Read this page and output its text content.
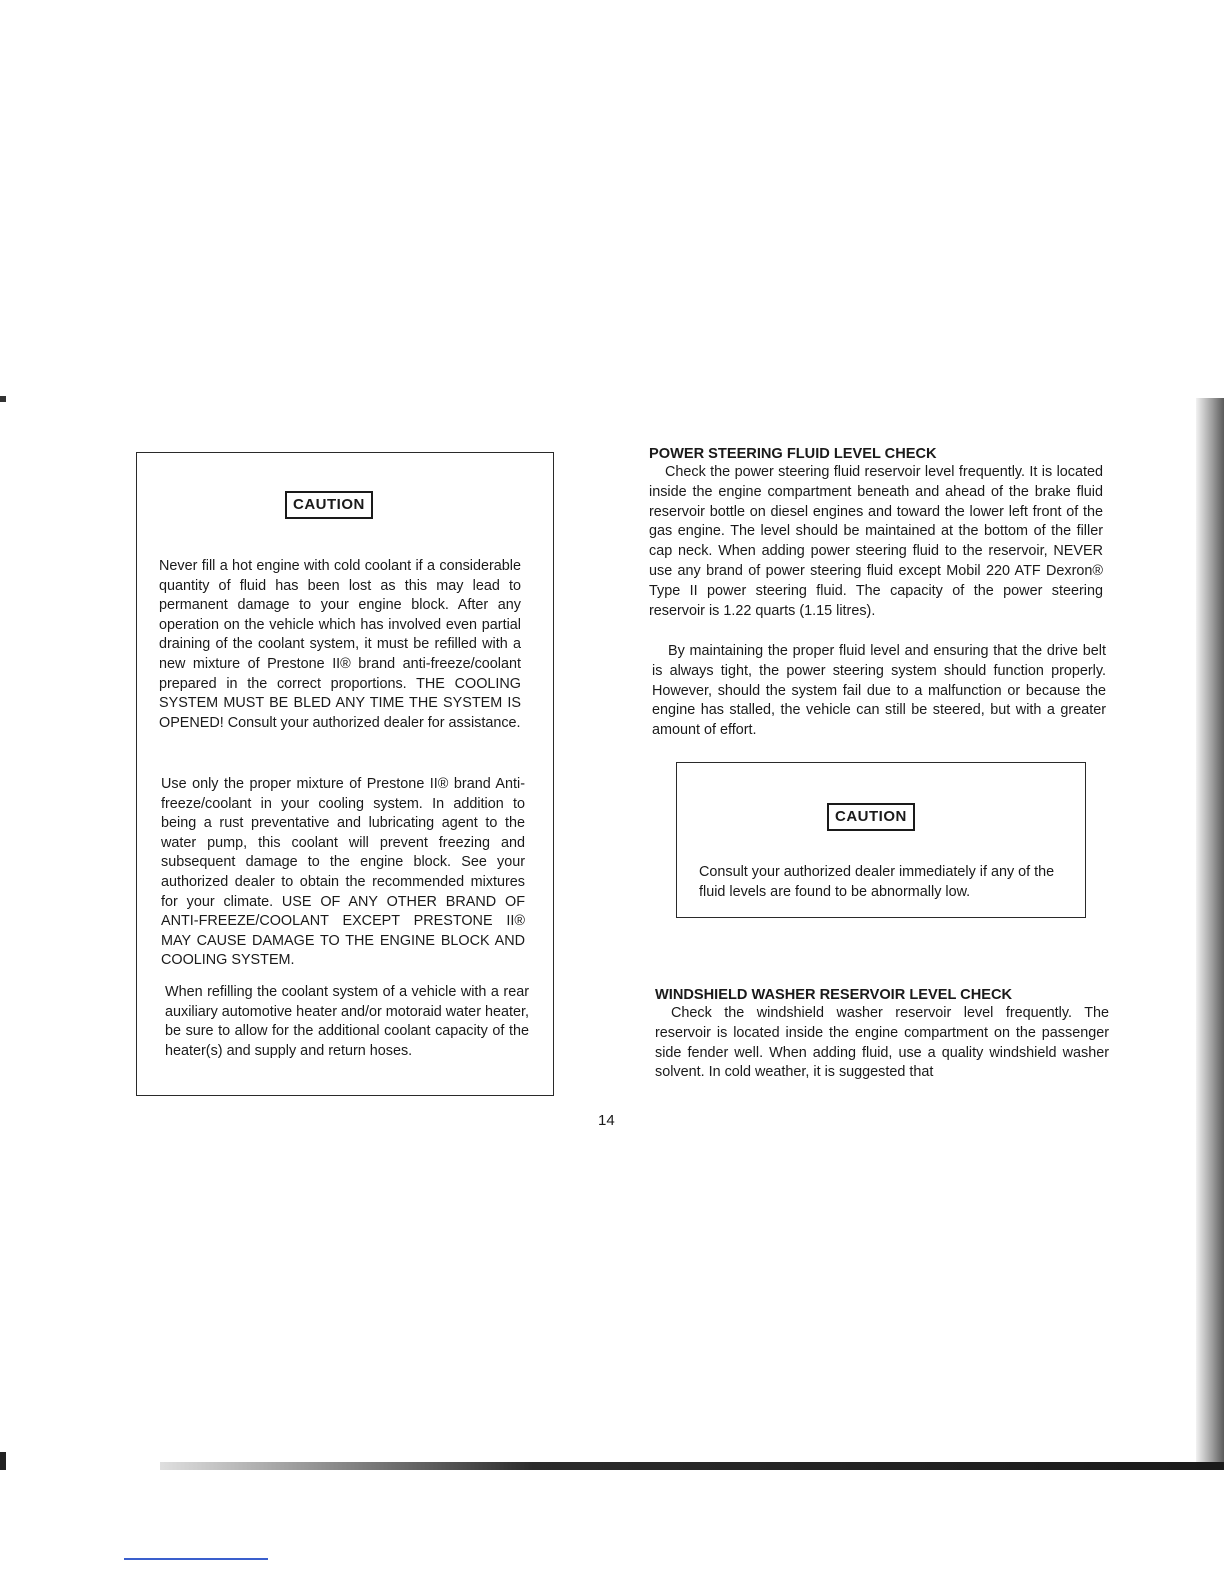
CAUTION

Never fill a hot engine with cold coolant if a considerable quantity of fluid has been lost as this may lead to permanent damage to your engine block. After any operation on the vehicle which has involved even partial draining of the coolant system, it must be refilled with a new mixture of Prestone II® brand anti-freeze/coolant prepared in the correct proportions. THE COOLING SYSTEM MUST BE BLED ANY TIME THE SYSTEM IS OPENED! Consult your authorized dealer for assistance.

Use only the proper mixture of Prestone II® brand Anti-freeze/coolant in your cooling system. In addition to being a rust preventative and lubricating agent to the water pump, this coolant will prevent freezing and subsequent damage to the engine block. See your authorized dealer to obtain the recommended mixtures for your climate. USE OF ANY OTHER BRAND OF ANTI-FREEZE/COOLANT EXCEPT PRESTONE II® MAY CAUSE DAMAGE TO THE ENGINE BLOCK AND COOLING SYSTEM.

When refilling the coolant system of a vehicle with a rear auxiliary automotive heater and/or motoraid water heater, be sure to allow for the additional coolant capacity of the heater(s) and supply and return hoses.

POWER STEERING FLUID LEVEL CHECK

Check the power steering fluid reservoir level frequently. It is located inside the engine compartment beneath and ahead of the brake fluid reservoir bottle on diesel engines and toward the lower left front of the gas engine. The level should be maintained at the bottom of the filler cap neck. When adding power steering fluid to the reservoir, NEVER use any brand of power steering fluid except Mobil 220 ATF Dexron® Type II power steering fluid. The capacity of the power steering reservoir is 1.22 quarts (1.15 litres).

By maintaining the proper fluid level and ensuring that the drive belt is always tight, the power steering system should function properly. However, should the system fail due to a malfunction or because the engine has stalled, the vehicle can still be steered, but with a greater amount of effort.

CAUTION

Consult your authorized dealer immediately if any of the fluid levels are found to be abnormally low.

WINDSHIELD WASHER RESERVOIR LEVEL CHECK

Check the windshield washer reservoir level frequently. The reservoir is located inside the engine compartment on the passenger side fender well. When adding fluid, use a quality windshield washer solvent. In cold weather, it is suggested that

14
